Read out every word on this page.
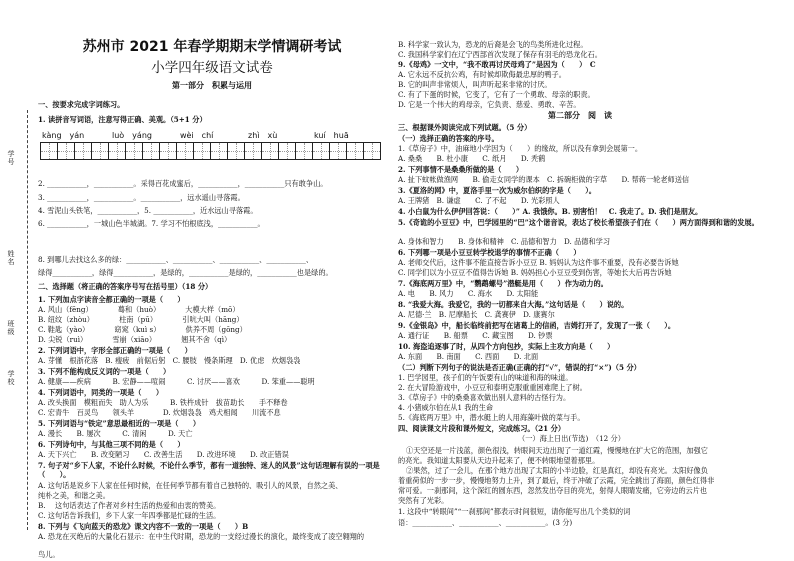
学号
姓名
班级
学校
苏州市 2021 年春学期期末学情调研考试
小学四年级语文试卷
第一部分　积累与运用
一、按要求完成字词练习。
1. 读拼音写词语，注意写得正确、美观。（5+1 分）
kàng　yán	luò　yáng	wèi　chí	zhì　xù	kuí　huā
2. ___________，___________。采得百花成蜜后，___________，___________只有敢争山。
3. ___________，___________。___________，远水遥山寻落霞。
4. 雪泥山头铁笔，___________，5. ___________，近水远山寻落霞。
6. ___________，一城山色半城湖。7. 学习不怕根底浅，___________。
8. 到哪儿去找这么多的绿：___________、___________、___________、___________、
绿得___________，绿得___________，是绿的，___________是绿的，___________也是绿的。
二、选择题（将正确的答案序号写在括号里）（18 分）
1. 下列加点字读音全都正确的一项是（　　）
A. 风山（fēng）　　　　蓦和（huò）　　　　大模大样（mō）
B. 纽纹（zhòu）　　　　柱南（pū）　　　　引吭大叫（hāng）
C. 鞋匙（yào）　　　　窈窕（kuì s）　　　　供养不周（gōng）
D. 尖锐（ruì）　　　　雪崩（xiāo）　　　　翘其不舍（qì）
2. 下列词语中，字形全部正确的一项是（　　）
A. 芽懂　根浙花落　B. 瘦疲　前倨后躬　C. 腰肢　慢条斯理　D. 优虑　炊烟袅袅
3. 下列不能构成反义词的一项是（　　）
A. 健康——疾病　　　B. 宏静——喧闹　　　C. 讨厌——喜欢　　　D. 笨重——聪明
4. 下列词语中，同类的一项是（　　）
A. 改头换面　模粗而失　助人为乐　　　B. 铁杵成针　拔苗助长　　手不释卷
C. 宏青牛　百灵鸟　　领头羊　　　　D. 炊烟袅袅　鸡犬相闻　　川流不息
5. 下列词语与“铁定”意思最相近的一项是（　　）
A. 漫长　　B. 屡次　　　C. 清闲　　　D. 天亡
6. 下列诗句中，与其他三项不同的是（　　）
A. 天下兴亡　　B. 改变陋习　　C. 改善生活　　D. 改进环境　　D. 改正错误
7. 句子对“乡下人家，不论什么时候，不论什么季节，都有一道独特、迷人的风景”这句话理解有误的一项是（　　）。
A. 这句话是说乡下人家在任何时候，在任何季节都有着自己独特的、吸引人的风景，自然之美、
纯朴之美，和谐之美。
B. 　这句话表达了作者对乡村生活的热爱和由衷的赞美。
C. 这句话告诉我们，乡下人家一年四季都是忙碌的生活。
8. 下列与《飞向蓝天的恐龙》课文内容不一致的一项是（　　）B
A. 恐龙在灭绝后的大量化石显示：在中生代时期，恐龙的一支经过漫长的演化，最终变成了凌空翱翔的
鸟儿。
B. 科学家一致认为，恐龙的后裔是会飞的鸟类所进化过程。
C. 我国科学家们在辽宁西部首次发现了保存有羽毛的恐龙化石。
9.《母鸡》一文中，“我不敢再讨厌母鸡了”是因为（　　）　C
A. 它永远不反抗公鸡，有时候却欺侮最忠厚的鸭子。
B. 它的叫声非常烦人，叫声听起来非常的讨厌。
C. 有了下蛋的时候，它变了，它有了一个勇敢、母亲的职责。
D. 它是一个伟大的鸡母亲，它负责、慈爱、勇敢、辛苦。
第二部分　阅　读
三、根据课外阅读完成下列试题。（5 分）
（一）选择正确的答案的序号。
1.《草房子》中，油麻地小学因为（　　）的缘故，所以没有拿到会展第一。
A. 桑桑　　B. 杜小康　　C. 纸月　　D. 秃鹤
2. 下列事情不是桑桑所做的是（　　）
A. 扯下蚊帐做渔网　　B. 偷走女同学的课本　C. 拆碗柜做的字草　　D. 帮蒋一轮老师送信
3.《夏洛的网》中，夏洛手里一次为威尔伯织的字是（　　）。
A. 王牌猪　B. 谦虚　　C. 了不起　　D. 光彩照人
4. 小白鼠为什么伊伊回答说：（　　）” A. 我饿你。B. 别害怕！　C. 我走了。D. 我们是朋友。
5.《奇诡的小豆豆》中，巴学园里的“巴”这个谐音说，表达了校长希望孩子们在（　　）两方面得到和谐的发展。
A. 身体和智力　　B. 身体和精神　C. 品德和智力　D. 品德和学习
6. 下列哪一项是小豆豆转学校退学的事情不正确（　　）
A. 老师交代后，这件事不能直接告诉小豆豆 B. 妈妈认为这件事不重要，没有必要告诉她
C. 同学们以为小豆豆不值得告诉她 B. 妈妈担心小豆豆受到伤害，等她长大后再告诉她
7.《海底两万里》中，“鹦鹉螺号”潜艇是用（　　）作为动力的。
A. 电　　B. 风力　　C. 海水　　D. 太阳能
8. “我爱大海。我爱它，我的一切都来自大海。”这句话是（　　）说的。
A. 尼德·兰　B. 尼摩船长　C. 龚赛伊　D. 康赛尔
9.《金银岛》中，船长临终前把写在诸葛上的信函，吉姆打开了，发现了一张（　　）。
A. 通行证　　B. 船票　　C. 藏宝图　　D. 钞票
10. 海盗追逐事了时，从四个方向包抄，实际上主攻方向是（　　）
A. 东面　　B. 南面　　C. 西面　　D. 北面
（二）判断下列句子的说法是否正确(正确的打“√”，错误的打“×”)（5 分）
1. 巴学园里，孩子们的午饭要有山的味道和海的味道。
2. 在大冒险游戏中，小豆豆和泰明克服重重困难爬上了树。
3.《草房子》中的桑桑喜欢做出别人意料的古怪行为。
4. 小猪威尔伯在从1 我的生命
5.《海底两万里》中，潜水艇上的人用海藻叶做的菜与手。
四、阅读课文片段和课外短文，完成练习。（21 分）
（一）海上日出(节选)　（12 分）
①天空还是一片浅蓝，颜色很浅，转眼间天边出现了一道红霞，慢慢地在扩大它的范围，加强它
的亮光。我知道太阳要从天边升起来了，便不转眼地望着那里。
②果然，过了一会儿，在那个地方出现了太阳的小半边脸，红是真红，却没有亮光。太阳好像负
着重荷似的一步一步，慢慢地努力上升，到了最后，终于冲破了云霞，完全跳出了海面，颜色红得非
常可爱。一刹那间，这个深红的圆东西，忽然发出夺目的亮光，射得人眼睛发痛，它旁边的云片也
突然有了光彩。
1. 这段中“转眼间”“一刹那间”都表示时间很短，请你能写出几个类似的词
语：___________、___________、___________。(3 分)
